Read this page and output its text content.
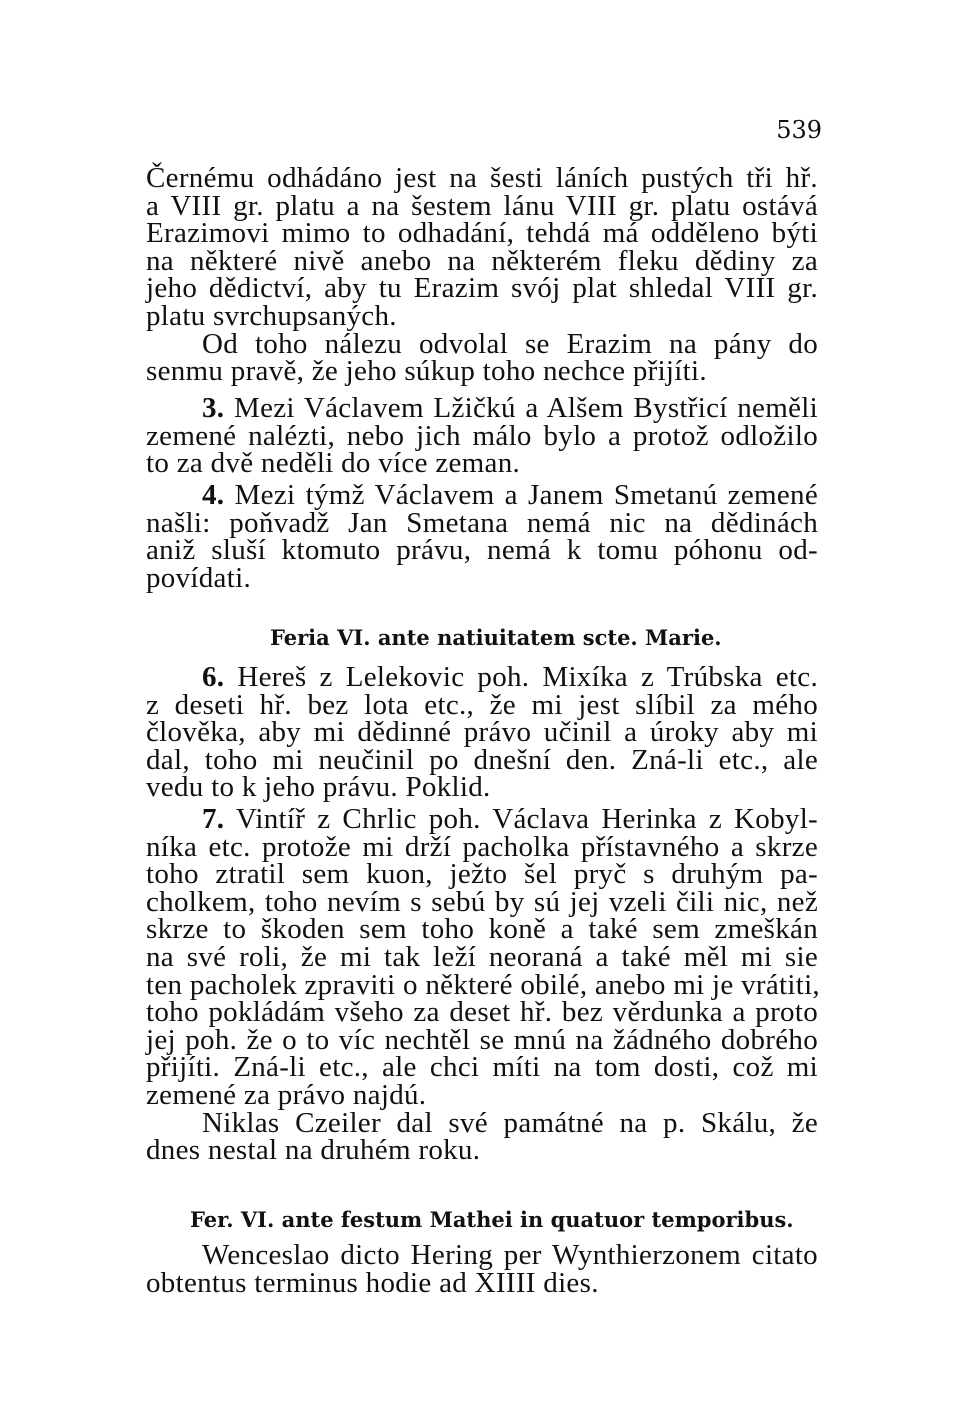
539
Černému odhádáno jest na šesti láních pustých tři hř.
a VIII gr. platu a na šestem lánu VIII gr. platu ostává
Erazimovi mimo to odhadání, tehdá má odděleno býti
na některé nivě anebo na některém fleku dědiny za
jeho dědictví, aby tu Erazim svój plat shledal VIII gr.
platu svrchupsaných.
Od toho nálezu odvolal se Erazim na pány do
senmu pravě, že jeho súkup toho nechce přijíti.
3. Mezi Václavem Lžičkú a Alšem Bystřicí neměli
zemené nalézti, nebo jich málo bylo a protož odložilo
to za dvě neděli do více zeman.
4. Mezi týmž Václavem a Janem Smetanú zemené
našli: poňvadž Jan Smetana nemá nic na dědinách
aniž sluší ktomuto právu, nemá k tomu póhonu od-
povídati.
Feria VI. ante natiuitatem scte. Marie.
6. Hereš z Lelekovic poh. Mixíka z Trúbska etc.
z deseti hř. bez lota etc., že mi jest slíbil za mého
člověka, aby mi dědinné právo učinil a úroky aby mi
dal, toho mi neučinil po dnešní den. Zná-li etc., ale
vedu to k jeho právu. Poklid.
7. Vintíř z Chrlic poh. Václava Herinka z Kobyl-
níka etc. protože mi drží pacholka přístavného a skrze
toho ztratil sem kuon, ježto šel pryč s druhým pa-
cholkem, toho nevím s sebú by sú jej vzeli čili nic, než
skrze to škoden sem toho koně a také sem zmeškán
na své roli, že mi tak leží neoraná a také měl mi sie
ten pacholek zpraviti o některé obilé, anebo mi je vrátiti,
toho pokládám všeho za deset hř. bez věrdunka a proto
jej poh. že o to víc nechtěl se mnú na žádného dobrého
přijíti. Zná-li etc., ale chci míti na tom dosti, což mi
zemené za právo najdú.
Niklas Czeiler dal své památné na p. Skálu, že
dnes nestal na druhém roku.
Fer. VI. ante festum Mathei in quatuor temporibus.
Wenceslao dicto Hering per Wynthierzonem citato
obtentus terminus hodie ad XIIII dies.
